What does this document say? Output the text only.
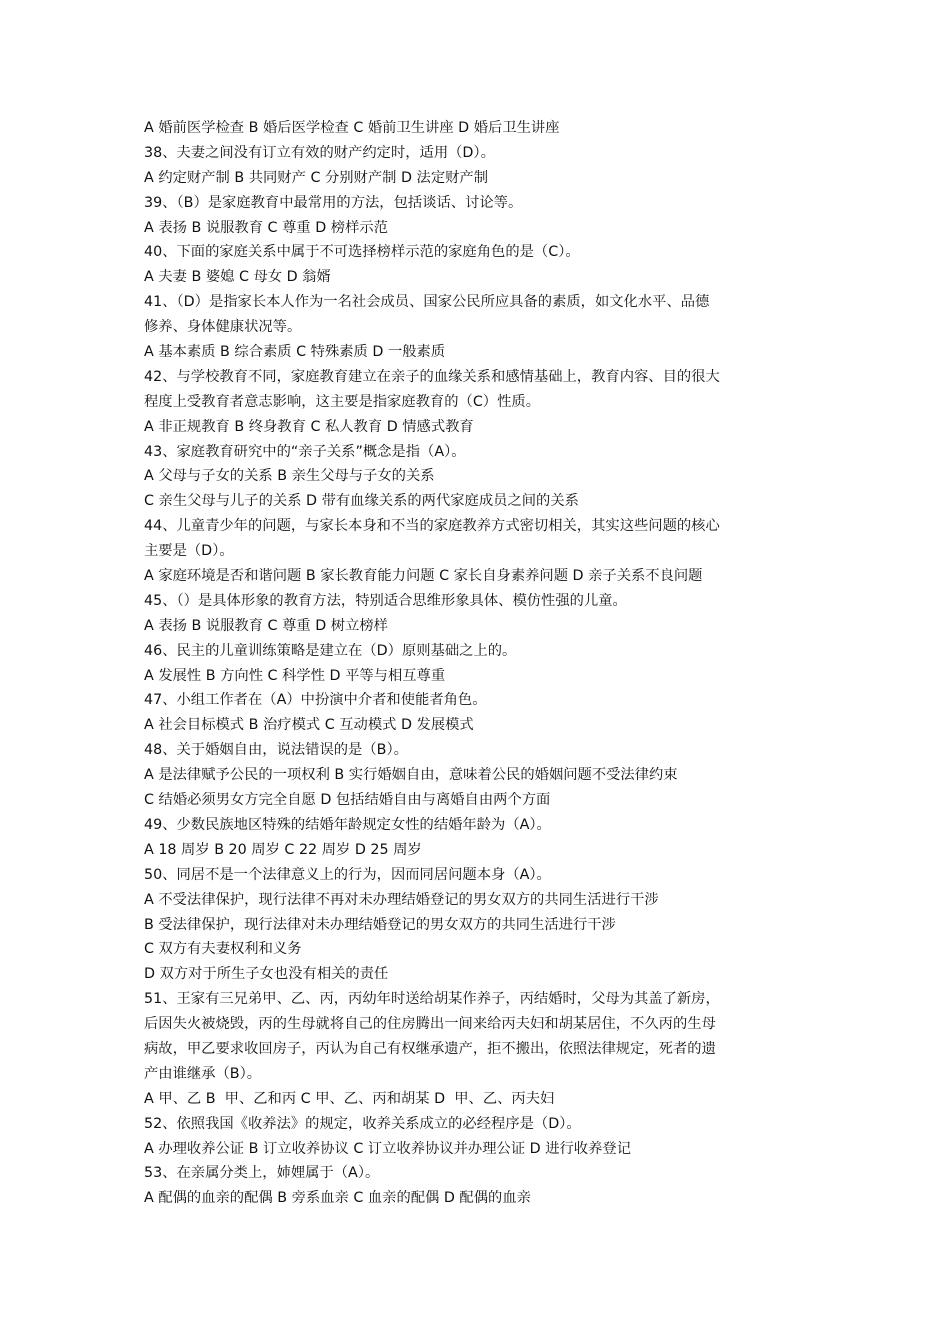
A 婚前医学检查 B 婚后医学检查 C 婚前卫生讲座 D 婚后卫生讲座
38、夫妻之间没有订立有效的财产约定时，适用（D）。
A 约定财产制 B 共同财产 C 分别财产制 D 法定财产制
39、（B）是家庭教育中最常用的方法，包括谈话、讨论等。
A 表扬 B 说服教育 C 尊重 D 榜样示范
40、下面的家庭关系中属于不可选择榜样示范的家庭角色的是（C）。
A 夫妻 B 婆媳 C 母女 D 翁婿
41、（D）是指家长本人作为一名社会成员、国家公民所应具备的素质，如文化水平、品德
修养、身体健康状况等。
A 基本素质 B 综合素质 C 特殊素质 D 一般素质
42、与学校教育不同，家庭教育建立在亲子的血缘关系和感情基础上，教育内容、目的很大
程度上受教育者意志影响，这主要是指家庭教育的（C）性质。
A 非正规教育 B 终身教育 C 私人教育 D 情感式教育
43、家庭教育研究中的“亲子关系”概念是指（A）。
A 父母与子女的关系 B 亲生父母与子女的关系
C 亲生父母与儿子的关系 D 带有血缘关系的两代家庭成员之间的关系
44、儿童青少年的问题，与家长本身和不当的家庭教养方式密切相关，其实这些问题的核心
主要是（D）。
A 家庭环境是否和谐问题 B 家长教育能力问题 C 家长自身素养问题 D 亲子关系不良问题
45、（）是具体形象的教育方法，特别适合思维形象具体、模仿性强的儿童。
A 表扬 B 说服教育 C 尊重 D 树立榜样
46、民主的儿童训练策略是建立在（D）原则基础之上的。
A 发展性 B 方向性 C 科学性 D 平等与相互尊重
47、小组工作者在（A）中扮演中介者和使能者角色。
A 社会目标模式 B 治疗模式 C 互动模式 D 发展模式
48、关于婚姻自由，说法错误的是（B）。
A 是法律赋予公民的一项权利 B 实行婚姻自由，意味着公民的婚姻问题不受法律约束
C 结婚必须男女方完全自愿 D 包括结婚自由与离婚自由两个方面
49、少数民族地区特殊的结婚年龄规定女性的结婚年龄为（A）。
A 18 周岁 B 20 周岁 C 22 周岁 D 25 周岁
50、同居不是一个法律意义上的行为，因而同居问题本身（A）。
A 不受法律保护，现行法律不再对未办理结婚登记的男女双方的共同生活进行干涉
B 受法律保护，现行法律对未办理结婚登记的男女双方的共同生活进行干涉
C 双方有夫妻权利和义务
D 双方对于所生子女也没有相关的责任
51、王家有三兄弟甲、乙、丙，丙幼年时送给胡某作养子，丙结婚时，父母为其盖了新房，
后因失火被烧毁，丙的生母就将自己的住房腾出一间来给丙夫妇和胡某居住，不久丙的生母
病故，甲乙要求收回房子，丙认为自己有权继承遗产，拒不搬出，依照法律规定，死者的遗
产由谁继承（B）。
A 甲、乙 B  甲、乙和丙 C 甲、乙、丙和胡某 D  甲、乙、丙夫妇
52、依照我国《收养法》的规定，收养关系成立的必经程序是（D）。
A 办理收养公证 B 订立收养协议 C 订立收养协议并办理公证 D 进行收养登记
53、在亲属分类上，姉娌属于（A）。
A 配偶的血亲的配偶 B 旁系血亲 C 血亲的配偶 D 配偶的血亲
